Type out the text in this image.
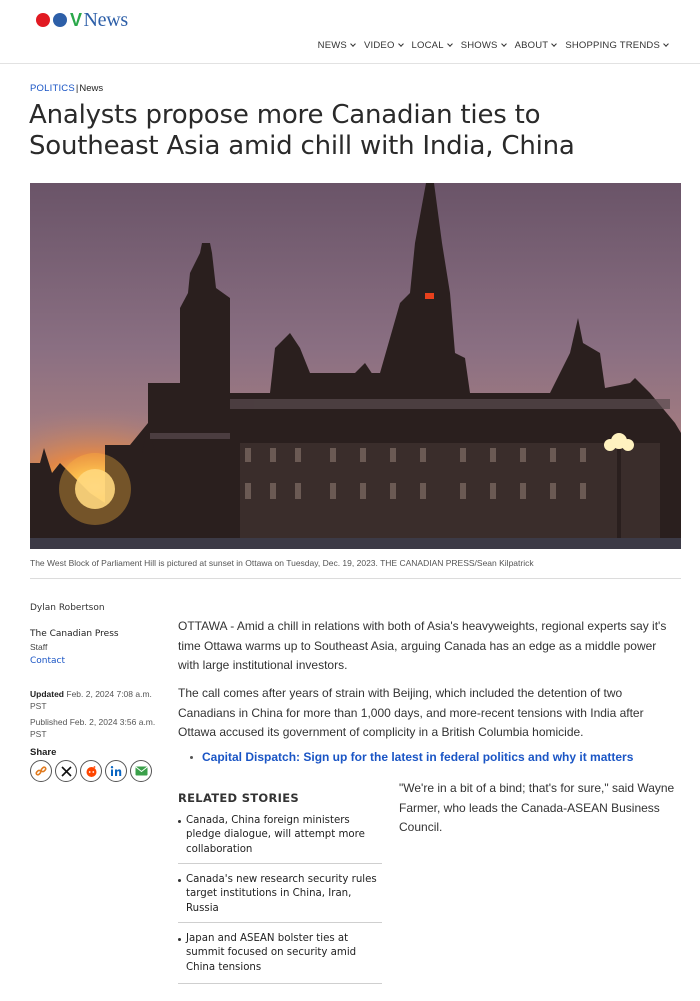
V News
NEWS VIDEO LOCAL SHOWS ABOUT SHOPPING TRENDS
POLITICS|News
Analysts propose more Canadian ties to Southeast Asia amid chill with India, China
The West Block of Parliament Hill is pictured at sunset in Ottawa on Tuesday, Dec. 19, 2023. THE CANADIAN PRESS/Sean Kilpatrick
Dylan Robertson
The Canadian Press
Staff
Contact
Updated Feb. 2, 2024 7:08 a.m. PST
Published Feb. 2, 2024 3:56 a.m. PST
Share

OTTAWA - Amid a chill in relations with both of Asia's heavyweights, regional experts say it's time Ottawa warms up to Southeast Asia, arguing Canada has an edge as a middle power with large institutional investors.

The call comes after years of strain with Beijing, which included the detention of two Canadians in China for more than 1,000 days, and more-recent tensions with India after Ottawa accused its government of complicity in a British Columbia homicide.

Capital Dispatch: Sign up for the latest in federal politics and why it matters

"We're in a bit of a bind; that's for sure," said Wayne Farmer, who leads the Canada-ASEAN Business Council.

RELATED STORIES
Canada, China foreign ministers pledge dialogue, will attempt more collaboration
Canada's new research security rules target institutions in China, Iran, Russia
Japan and ASEAN bolster ties at summit focused on security amid China tensions
